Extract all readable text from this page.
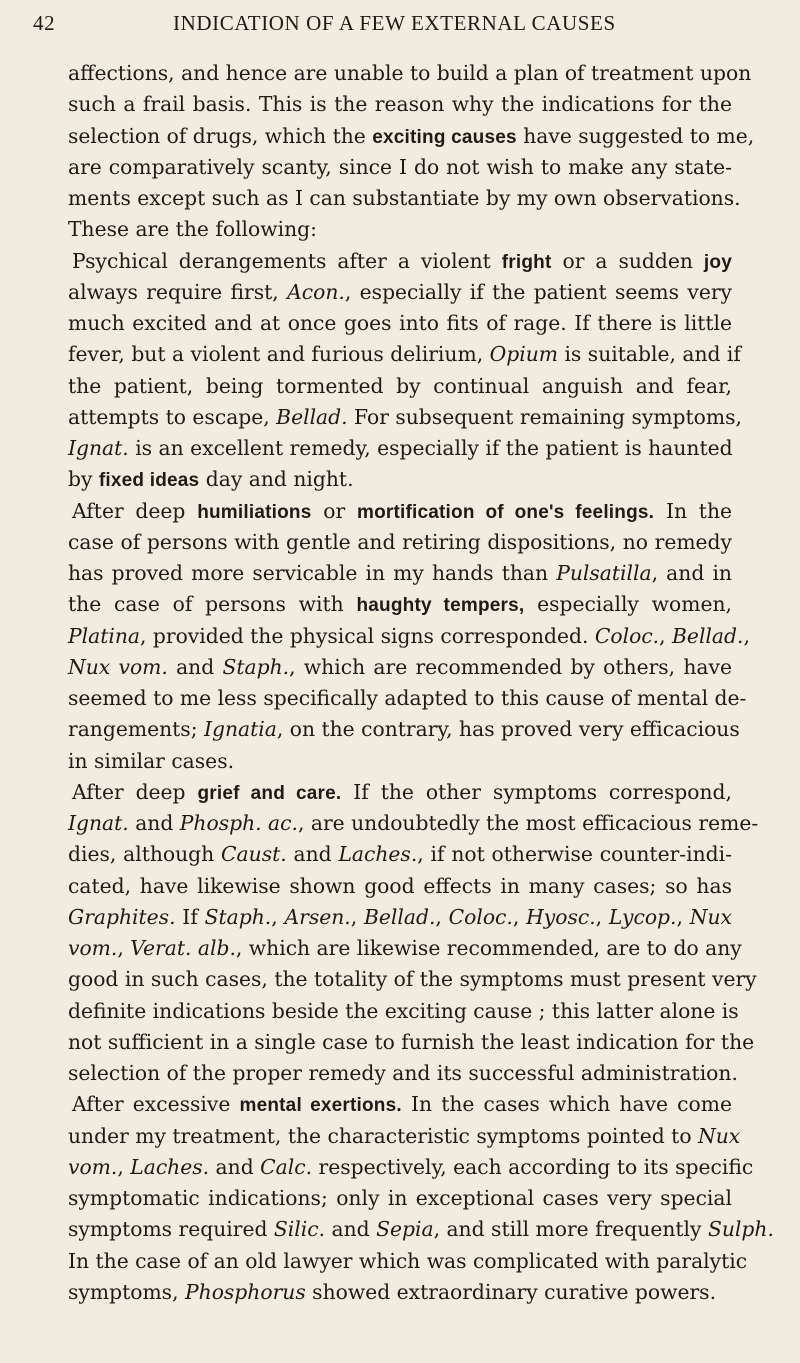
42	INDICATION OF A FEW EXTERNAL CAUSES
affections, and hence are unable to build a plan of treatment upon
such a frail basis. This is the reason why the indications for the
selection of drugs, which the exciting causes have suggested to me,
are comparatively scanty, since I do not wish to make any state-
ments except such as I can substantiate by my own observations.
These are the following:
Psychical derangements after a violent fright or a sudden joy
always require first, Acon., especially if the patient seems very
much excited and at once goes into fits of rage. If there is little
fever, but a violent and furious delirium, Opium is suitable, and if
the patient, being tormented by continual anguish and fear,
attempts to escape, Bellad. For subsequent remaining symptoms,
Ignat. is an excellent remedy, especially if the patient is haunted
by fixed ideas day and night.
After deep humiliations or mortification of one's feelings. In the
case of persons with gentle and retiring dispositions, no remedy
has proved more servicable in my hands than Pulsatilla, and in
the case of persons with haughty tempers, especially women,
Platina, provided the physical signs corresponded. Coloc., Bellad.,
Nux vom. and Staph., which are recommended by others, have
seemed to me less specifically adapted to this cause of mental de-
rangements; Ignatia, on the contrary, has proved very efficacious
in similar cases.
After deep grief and care. If the other symptoms correspond,
Ignat. and Phosph. ac., are undoubtedly the most efficacious reme-
dies, although Caust. and Laches., if not otherwise counter-indi-
cated, have likewise shown good effects in many cases; so has
Graphites. If Staph., Arsen., Bellad., Coloc., Hyosc., Lycop., Nux
vom., Verat. alb., which are likewise recommended, are to do any
good in such cases, the totality of the symptoms must present very
definite indications beside the exciting cause ; this latter alone is
not sufficient in a single case to furnish the least indication for the
selection of the proper remedy and its successful administration.
After excessive mental exertions. In the cases which have come
under my treatment, the characteristic symptoms pointed to Nux
vom., Laches. and Calc. respectively, each according to its specific
symptomatic indications; only in exceptional cases very special
symptoms required Silic. and Sepia, and still more frequently Sulph.
In the case of an old lawyer which was complicated with paralytic
symptoms, Phosphorus showed extraordinary curative powers.
